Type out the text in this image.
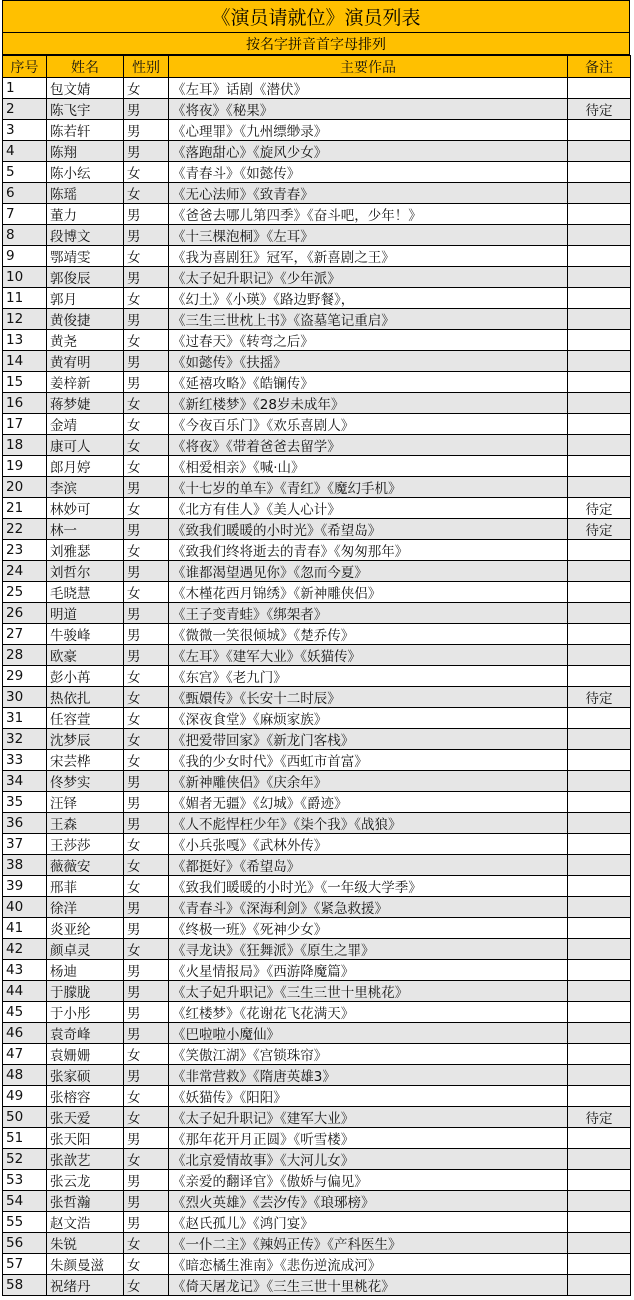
《演员请就位》演员列表
按名字拼音首字母排列
序号	姓名	性别	主要作品	备注
1	包文婧	女	《左耳》话剧《潜伏》	
2	陈飞宇	男	《将夜》《秘果》	待定
3	陈若轩	男	《心理罪》《九州缥缈录》	
4	陈翔	男	《落跑甜心》《旋风少女》	
5	陈小纭	女	《青春斗》《如懿传》	
6	陈瑶	女	《无心法师》《致青春》	
7	董力	男	《爸爸去哪儿第四季》《奋斗吧，少年！》	
8	段博文	男	《十三棵泡桐》《左耳》	
9	鄂靖雯	女	《我为喜剧狂》冠军，《新喜剧之王》	
10	郭俊辰	男	《太子妃升职记》《少年派》	
11	郭月	女	《幻土》《小瑛》《路边野餐》，	
12	黄俊捷	男	《三生三世枕上书》《盗墓笔记重启》	
13	黄尧	女	《过春天》《转弯之后》	
14	黄宥明	男	《如懿传》《扶摇》	
15	姜梓新	男	《延禧攻略》《皓镧传》	
16	蒋梦婕	女	《新红楼梦》《28岁未成年》	
17	金靖	女	《今夜百乐门》《欢乐喜剧人》	
18	康可人	女	《将夜》《带着爸爸去留学》	
19	郎月婷	女	《相爱相亲》《喊·山》	
20	李滨	男	《十七岁的单车》《青红》《魔幻手机》	
21	林妙可	女	《北方有佳人》《美人心计》	待定
22	林一	男	《致我们暖暖的小时光》《希望岛》	待定
23	刘雅瑟	女	《致我们终将逝去的青春》《匆匆那年》	
24	刘哲尔	男	《谁都渴望遇见你》《忽而今夏》	
25	毛晓慧	女	《木槿花西月锦绣》《新神雕侠侣》	
26	明道	男	《王子变青蛙》《绑架者》	
27	牛骏峰	男	《微微一笑很倾城》《楚乔传》	
28	欧豪	男	《左耳》《建军大业》《妖猫传》	
29	彭小苒	女	《东宫》《老九门》	
30	热依扎	女	《甄嬛传》《长安十二时辰》	待定
31	任容萱	女	《深夜食堂》《麻烦家族》	
32	沈梦辰	女	《把爱带回家》《新龙门客栈》	
33	宋芸桦	女	《我的少女时代》《西虹市首富》	
34	佟梦实	男	《新神雕侠侣》《庆余年》	
35	汪铎	男	《媚者无疆》《幻城》《爵迹》	
36	王森	男	《人不彪悍枉少年》《柒个我》《战狼》	
37	王莎莎	女	《小兵张嘎》《武林外传》	
38	薇薇安	女	《都挺好》《希望岛》	
39	邢菲	女	《致我们暖暖的小时光》《一年级大学季》	
40	徐洋	男	《青春斗》《深海利剑》《紧急救援》	
41	炎亚纶	男	《终极一班》《死神少女》	
42	颜卓灵	女	《寻龙诀》《狂舞派》《原生之罪》	
43	杨迪	男	《火星情报局》《西游降魔篇》	
44	于朦胧	男	《太子妃升职记》《三生三世十里桃花》	
45	于小彤	男	《红楼梦》《花谢花飞花满天》	
46	袁奇峰	男	《巴啦啦小魔仙》	
47	袁姗姗	女	《笑傲江湖》《宫锁珠帘》	
48	张家硕	男	《非常营救》《隋唐英雄3》	
49	张榕容	女	《妖猫传》《阳阳》	
50	张天爱	女	《太子妃升职记》《建军大业》	待定
51	张天阳	男	《那年花开月正圆》《听雪楼》	
52	张歆艺	女	《北京爱情故事》《大河儿女》	
53	张云龙	男	《亲爱的翻译官》《傲娇与偏见》	
54	张哲瀚	男	《烈火英雄》《芸汐传》《琅琊榜》	
55	赵文浩	男	《赵氏孤儿》《鸿门宴》	
56	朱锐	女	《一仆二主》《辣妈正传》《产科医生》	
57	朱颜曼滋	女	《暗恋橘生淮南》《悲伤逆流成河》	
58	祝绪丹	女	《倚天屠龙记》《三生三世十里桃花》	
